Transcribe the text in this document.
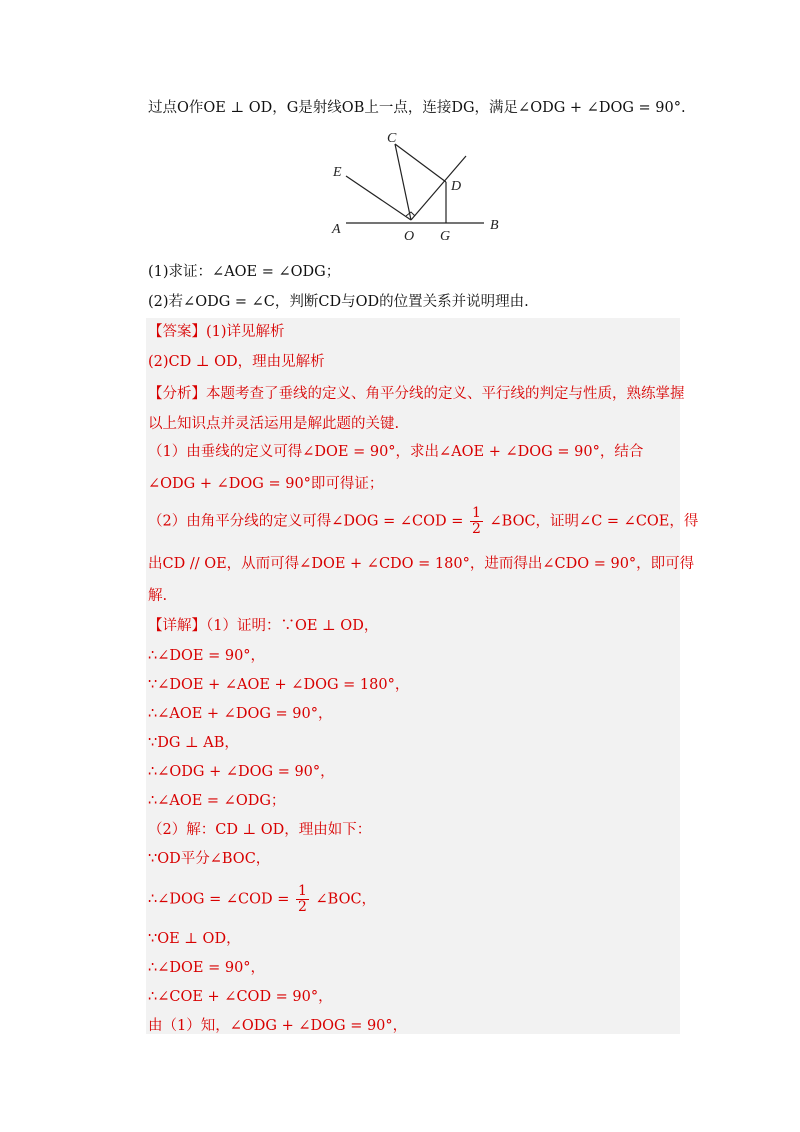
过点O作OE ⊥ OD，G是射线OB上一点，连接DG，满足∠ODG + ∠DOG = 90°.
C
E
D
A	O G
B
(1)求证：∠AOE = ∠ODG；
(2)若∠ODG = ∠C，判断CD与OD的位置关系并说明理由.
【答案】(1)详见解析
(2)CD ⊥ OD，理由见解析
【分析】本题考查了垂线的定义、角平分线的定义、平行线的判定与性质，熟练掌握
以上知识点并灵活运用是解此题的关键.
（1）由垂线的定义可得∠DOE = 90°，求出∠AOE + ∠DOG = 90°，结合
∠ODG + ∠DOG = 90°即可得证；
（2）由角平分线的定义可得∠DOG = ∠COD = $\frac{1}{2}$ ∠BOC，证明∠C = ∠COE，得
出CD // OE，从而可得∠DOE + ∠CDO = 180°，进而得出∠CDO = 90°，即可得
解.
【详解】（1）证明：∵OE ⊥ OD，
∴∠DOE = 90°，
∵∠DOE + ∠AOE + ∠DOG = 180°，
∴∠AOE + ∠DOG = 90°，
∵DG ⊥ AB，
∴∠ODG + ∠DOG = 90°，
∴∠AOE = ∠ODG；
（2）解：CD ⊥ OD，理由如下：
∵OD平分∠BOC，
∴∠DOG = ∠COD = $\frac{1}{2}$ ∠BOC，
∵OE ⊥ OD，
∴∠DOE = 90°，
∴∠COE + ∠COD = 90°，
由（1）知，∠ODG + ∠DOG = 90°，
